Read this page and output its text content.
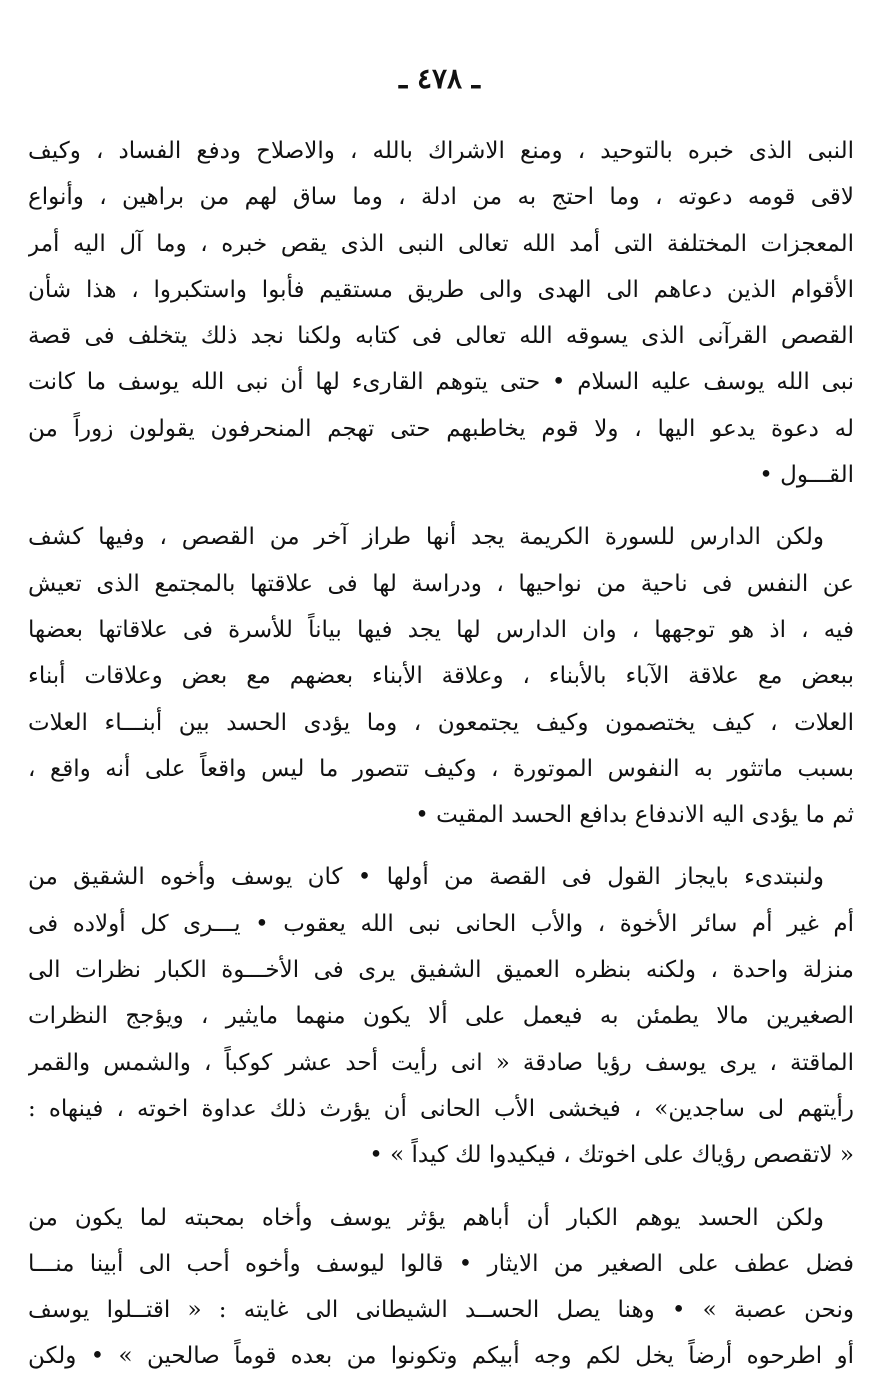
ـ ٤٧٨ ـ
النبى الذى خبره بالتوحيد ، ومنع الاشراك بالله ، والاصلاح ودفع الفساد ، وكيف
لاقى قومه دعوته ، وما احتج به من ادلة ، وما ساق لهم من براهين ، وأنواع
المعجزات المختلفة التى أمد الله تعالى النبى الذى يقص خبره ، وما آل اليه أمر
الأقوام الذين دعاهم الى الهدى والى طريق مستقيم فأبوا واستكبروا ، هذا شأن
القصص القرآنى الذى يسوقه الله تعالى فى كتابه ولكنا نجد ذلك يتخلف فى قصة
نبى الله يوسف عليه السلام • حتى يتوهم القارىء لها أن نبى الله يوسف ما كانت
له دعوة يدعو اليها ، ولا قوم يخاطبهم حتى تهجم المنحرفون يقولون زوراً من
القـــول •
ولكن الدارس للسورة الكريمة يجد أنها طراز آخر من القصص ، وفيها كشف
عن النفس فى ناحية من نواحيها ، ودراسة لها فى علاقتها بالمجتمع الذى تعيش
فيه ، اذ هو توجهها ، وان الدارس لها يجد فيها بياناً للأسرة فى علاقاتها بعضها
ببعض مع علاقة الآباء بالأبناء ، وعلاقة الأبناء بعضهم مع بعض وعلاقات أبناء
العلات ، كيف يختصمون وكيف يجتمعون ، وما يؤدى الحسد بين أبنـــاء العلات
بسبب ماتثور به النفوس الموتورة ، وكيف تتصور ما ليس واقعاً على أنه واقع ،
ثم ما يؤدى اليه الاندفاع بدافع الحسد المقيت •
ولنبتدىء بايجاز القول فى القصة من أولها • كان يوسف وأخوه الشقيق من
أم غير أم سائر الأخوة ، والأب الحانى نبى الله يعقوب • يـــرى كل أولاده فى
منزلة واحدة ، ولكنه بنظره العميق الشفيق يرى فى الأخـــوة الكبار نظرات الى
الصغيرين مالا يطمئن به فيعمل على ألا يكون منهما مايثير ، ويؤجج النظرات
الماقتة ، يرى يوسف رؤيا صادقة « انى رأيت أحد عشر كوكباً ، والشمس والقمر
رأيتهم لى ساجدين» ، فيخشى الأب الحانى أن يؤرث ذلك عداوة اخوته ، فينهاه :
« لاتقصص رؤياك على اخوتك ، فيكيدوا لك كيداً » •
ولكن الحسد يوهم الكبار أن أباهم يؤثر يوسف وأخاه بمحبته لما يكون من
فضل عطف على الصغير من الايثار • قالوا ليوسف وأخوه أحب الى أبينا منـــا
ونحن عصبة » • وهنا يصل الحســد الشيطانى الى غايته : « اقتــلوا يوسف
أو اطرحوه أرضاً يخل لكم وجه أبيكم وتكونوا من بعده قوماً صالحين » • ولكن
